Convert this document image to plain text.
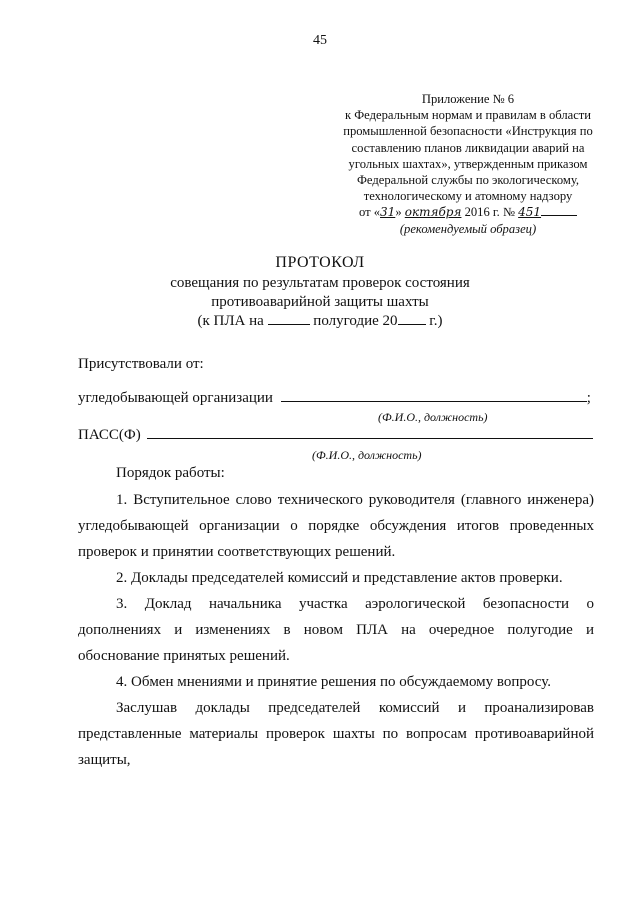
45
Приложение № 6
к Федеральным нормам и правилам в области
промышленной безопасности «Инструкция по
составлению планов ликвидации аварий на
угольных шахтах», утвержденным приказом
Федеральной службы по экологическому,
технологическому и атомному надзору
от «31» октября 2016 г. № 451
(рекомендуемый образец)
ПРОТОКОЛ
совещания по результатам проверок состояния
противоаварийной защиты шахты
(к ПЛА на	полугодие 20 г.)
Присутствовали от:
угледобывающей организации	;
(Ф.И.О., должность)
ПАСС(Ф)
(Ф.И.О., должность)
Порядок работы:
1. Вступительное слово технического руководителя (главного инженера) угледобывающей организации о порядке обсуждения итогов проведенных проверок и принятии соответствующих решений.
2. Доклады председателей комиссий и представление актов проверки.
3. Доклад начальника участка аэрологической безопасности о дополнениях и изменениях в новом ПЛА на очередное полугодие и обоснование принятых решений.
4. Обмен мнениями и принятие решения по обсуждаемому вопросу.
Заслушав доклады председателей комиссий и проанализировав представленные материалы проверок шахты по вопросам противоаварийной защиты,
